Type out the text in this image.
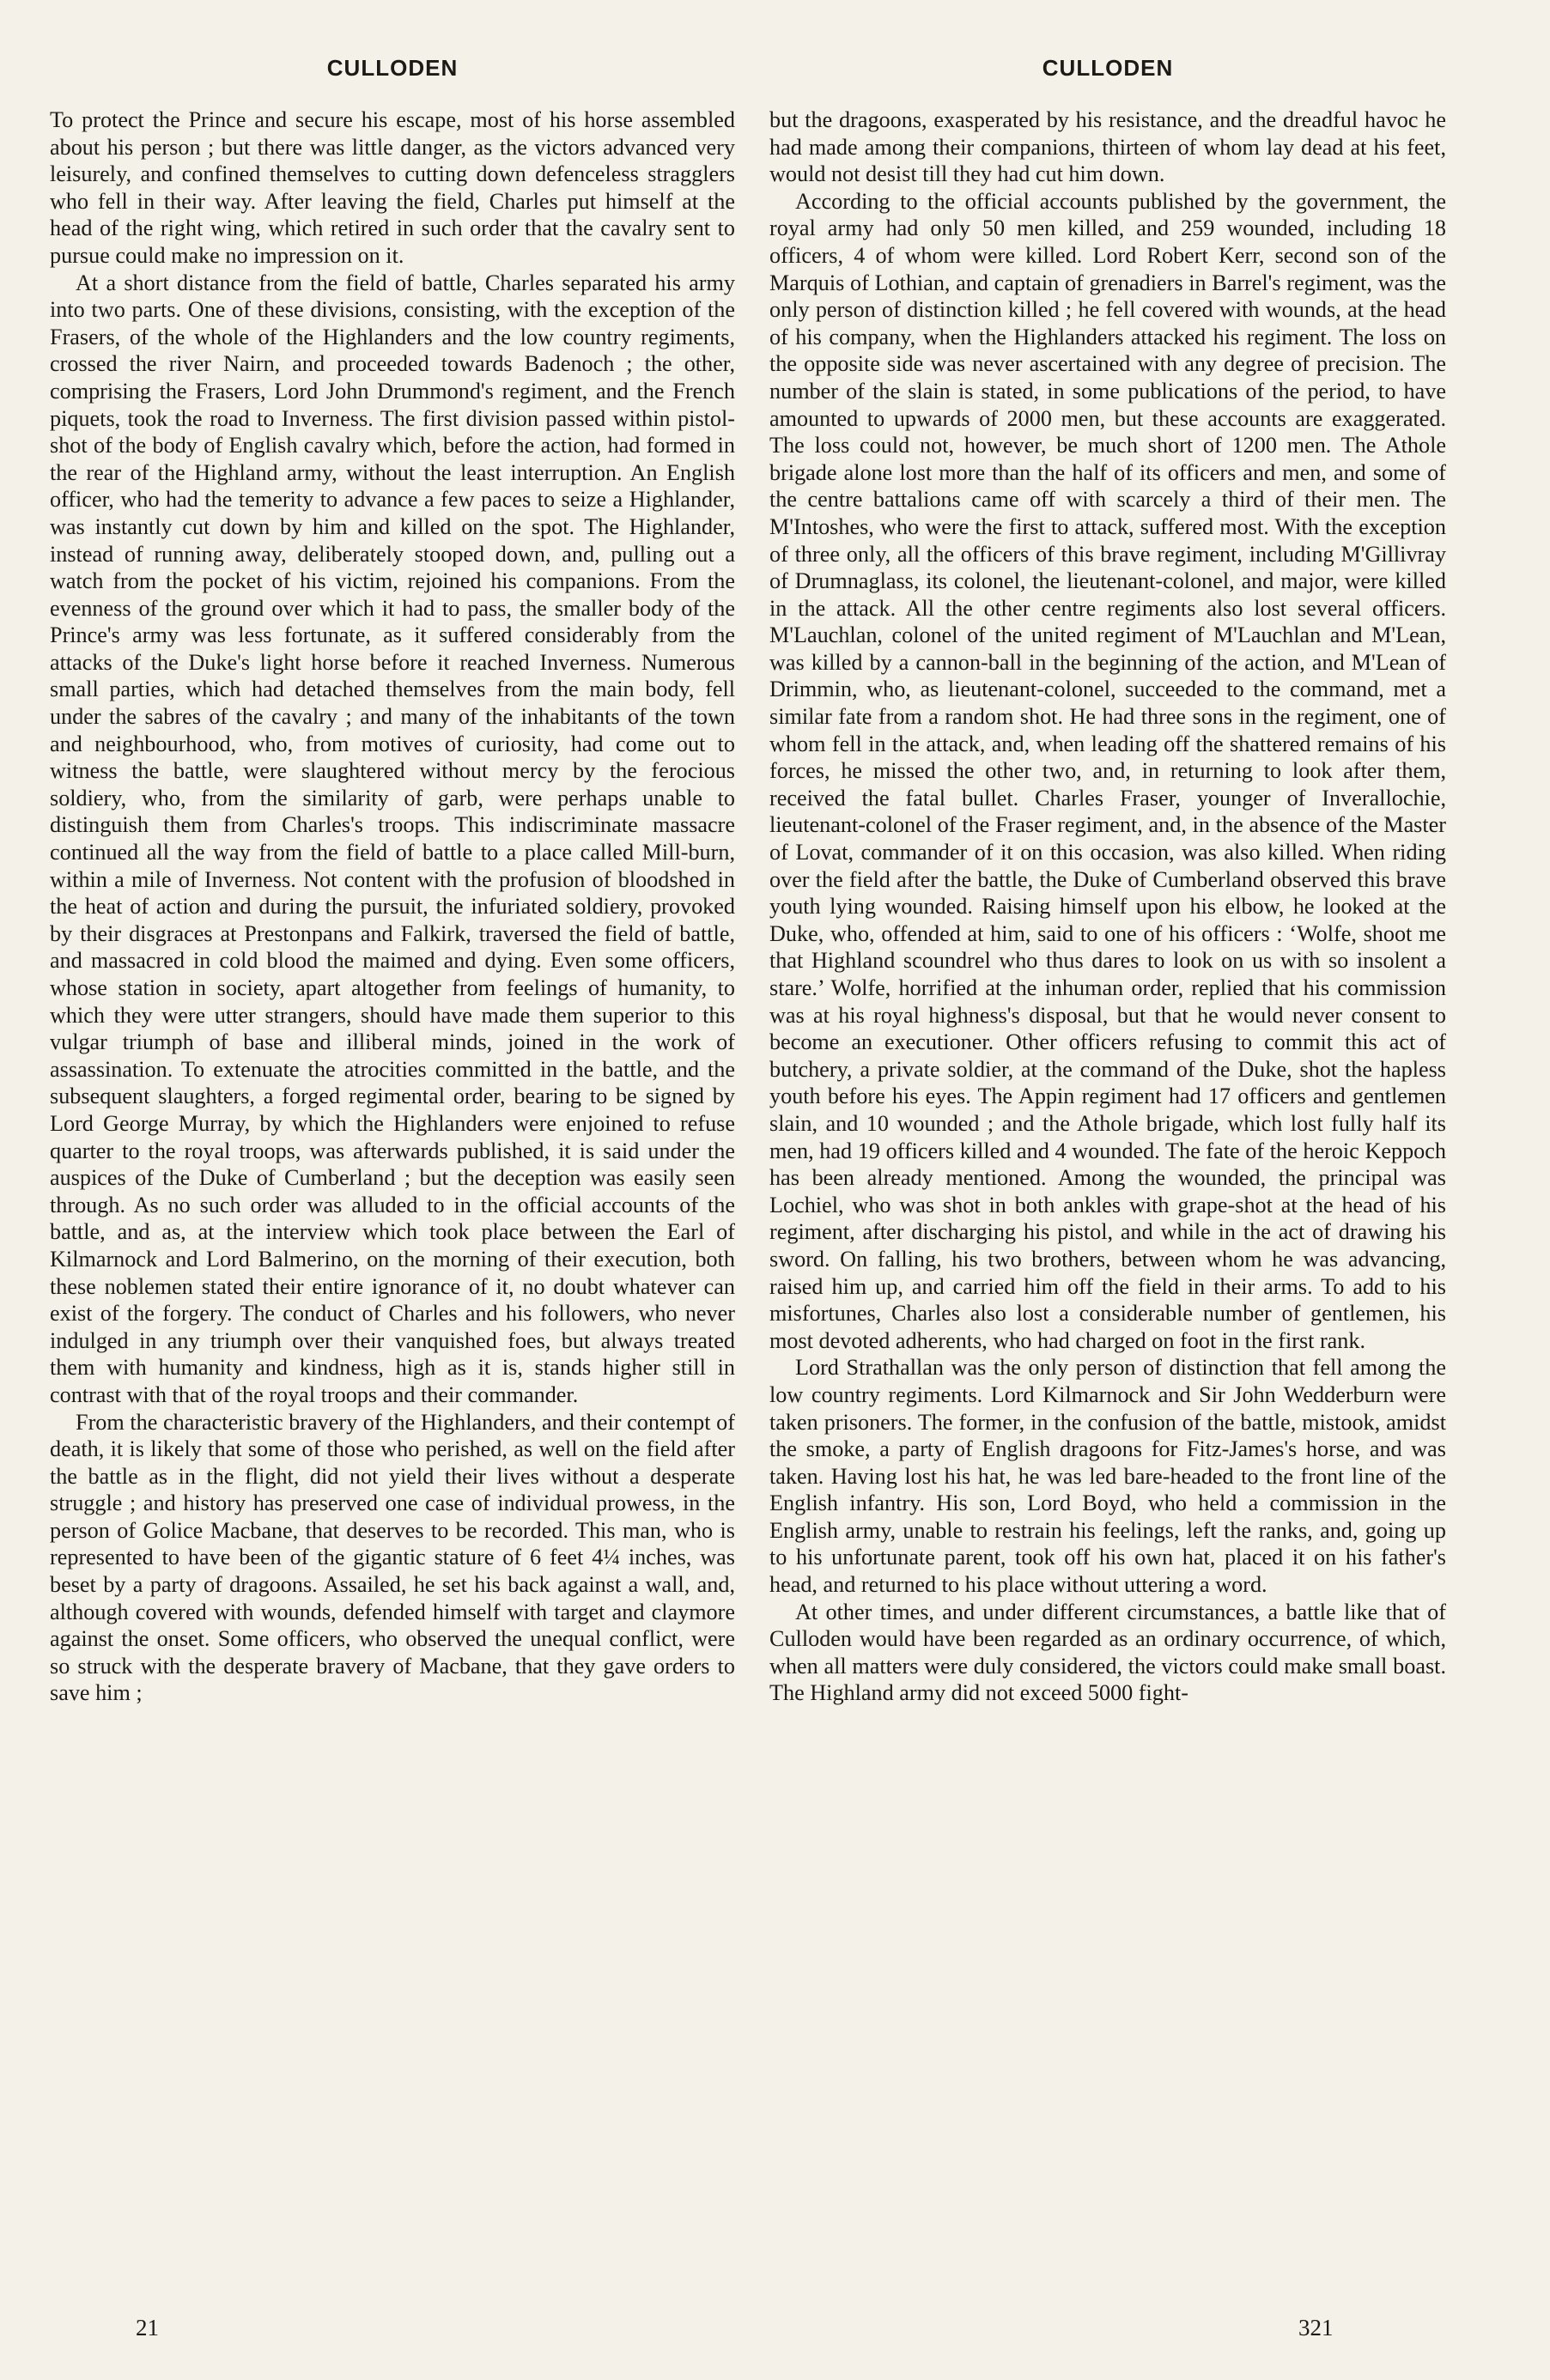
CULLODEN	CULLODEN

To protect the Prince and secure his escape, most of his horse assembled about his person ; but there was little danger, as the victors advanced very leisurely, and confined themselves to cutting down defenceless stragglers who fell in their way. After leaving the field, Charles put himself at the head of the right wing, which retired in such order that the cavalry sent to pursue could make no impression on it.

At a short distance from the field of battle, Charles separated his army into two parts. One of these divisions, consisting, with the exception of the Frasers, of the whole of the Highlanders and the low country regiments, crossed the river Nairn, and proceeded towards Badenoch ; the other, comprising the Frasers, Lord John Drummond's regiment, and the French piquets, took the road to Inverness. The first division passed within pistol-shot of the body of English cavalry which, before the action, had formed in the rear of the Highland army, without the least interruption. An English officer, who had the temerity to advance a few paces to seize a Highlander, was instantly cut down by him and killed on the spot. The Highlander, instead of running away, deliberately stooped down, and, pulling out a watch from the pocket of his victim, rejoined his companions. From the evenness of the ground over which it had to pass, the smaller body of the Prince's army was less fortunate, as it suffered considerably from the attacks of the Duke's light horse before it reached Inverness. Numerous small parties, which had detached themselves from the main body, fell under the sabres of the cavalry ; and many of the inhabitants of the town and neighbourhood, who, from motives of curiosity, had come out to witness the battle, were slaughtered without mercy by the ferocious soldiery, who, from the similarity of garb, were perhaps unable to distinguish them from Charles's troops. This indiscriminate massacre continued all the way from the field of battle to a place called Mill-burn, within a mile of Inverness. Not content with the profusion of bloodshed in the heat of action and during the pursuit, the infuriated soldiery, provoked by their disgraces at Prestonpans and Falkirk, traversed the field of battle, and massacred in cold blood the maimed and dying. Even some officers, whose station in society, apart altogether from feelings of humanity, to which they were utter strangers, should have made them superior to this vulgar triumph of base and illiberal minds, joined in the work of assassination. To extenuate the atrocities committed in the battle, and the subsequent slaughters, a forged regimental order, bearing to be signed by Lord George Murray, by which the Highlanders were enjoined to refuse quarter to the royal troops, was afterwards published, it is said under the auspices of the Duke of Cumberland ; but the deception was easily seen through. As no such order was alluded to in the official accounts of the battle, and as, at the interview which took place between the Earl of Kilmarnock and Lord Balmerino, on the morning of their execution, both these noblemen stated their entire ignorance of it, no doubt whatever can exist of the forgery. The conduct of Charles and his followers, who never indulged in any triumph over their vanquished foes, but always treated them with humanity and kindness, high as it is, stands higher still in contrast with that of the royal troops and their commander.

From the characteristic bravery of the Highlanders, and their contempt of death, it is likely that some of those who perished, as well on the field after the battle as in the flight, did not yield their lives without a desperate struggle ; and history has preserved one case of individual prowess, in the person of Golice Macbane, that deserves to be recorded. This man, who is represented to have been of the gigantic stature of 6 feet 4¼ inches, was beset by a party of dragoons. Assailed, he set his back against a wall, and, although covered with wounds, defended himself with target and claymore against the onset. Some officers, who observed the unequal conflict, were so struck with the desperate bravery of Macbane, that they gave orders to save him ;

but the dragoons, exasperated by his resistance, and the dreadful havoc he had made among their companions, thirteen of whom lay dead at his feet, would not desist till they had cut him down.

According to the official accounts published by the government, the royal army had only 50 men killed, and 259 wounded, including 18 officers, 4 of whom were killed. Lord Robert Kerr, second son of the Marquis of Lothian, and captain of grenadiers in Barrel's regiment, was the only person of distinction killed ; he fell covered with wounds, at the head of his company, when the Highlanders attacked his regiment. The loss on the opposite side was never ascertained with any degree of precision. The number of the slain is stated, in some publications of the period, to have amounted to upwards of 2000 men, but these accounts are exaggerated. The loss could not, however, be much short of 1200 men. The Athole brigade alone lost more than the half of its officers and men, and some of the centre battalions came off with scarcely a third of their men. The M'Intoshes, who were the first to attack, suffered most. With the exception of three only, all the officers of this brave regiment, including M'Gillivray of Drumnaglass, its colonel, the lieutenant-colonel, and major, were killed in the attack. All the other centre regiments also lost several officers. M'Lauchlan, colonel of the united regiment of M'Lauchlan and M'Lean, was killed by a cannon-ball in the beginning of the action, and M'Lean of Drimmin, who, as lieutenant-colonel, succeeded to the command, met a similar fate from a random shot. He had three sons in the regiment, one of whom fell in the attack, and, when leading off the shattered remains of his forces, he missed the other two, and, in returning to look after them, received the fatal bullet. Charles Fraser, younger of Inverallochie, lieutenant-colonel of the Fraser regiment, and, in the absence of the Master of Lovat, commander of it on this occasion, was also killed. When riding over the field after the battle, the Duke of Cumberland observed this brave youth lying wounded. Raising himself upon his elbow, he looked at the Duke, who, offended at him, said to one of his officers : ‘Wolfe, shoot me that Highland scoundrel who thus dares to look on us with so insolent a stare.’ Wolfe, horrified at the inhuman order, replied that his commission was at his royal highness's disposal, but that he would never consent to become an executioner. Other officers refusing to commit this act of butchery, a private soldier, at the command of the Duke, shot the hapless youth before his eyes. The Appin regiment had 17 officers and gentlemen slain, and 10 wounded ; and the Athole brigade, which lost fully half its men, had 19 officers killed and 4 wounded. The fate of the heroic Keppoch has been already mentioned. Among the wounded, the principal was Lochiel, who was shot in both ankles with grape-shot at the head of his regiment, after discharging his pistol, and while in the act of drawing his sword. On falling, his two brothers, between whom he was advancing, raised him up, and carried him off the field in their arms. To add to his misfortunes, Charles also lost a considerable number of gentlemen, his most devoted adherents, who had charged on foot in the first rank.

Lord Strathallan was the only person of distinction that fell among the low country regiments. Lord Kilmarnock and Sir John Wedderburn were taken prisoners. The former, in the confusion of the battle, mistook, amidst the smoke, a party of English dragoons for Fitz-James's horse, and was taken. Having lost his hat, he was led bare-headed to the front line of the English infantry. His son, Lord Boyd, who held a commission in the English army, unable to restrain his feelings, left the ranks, and, going up to his unfortunate parent, took off his own hat, placed it on his father's head, and returned to his place without uttering a word.

At other times, and under different circumstances, a battle like that of Culloden would have been regarded as an ordinary occurrence, of which, when all matters were duly considered, the victors could make small boast. The Highland army did not exceed 5000 fight-

21	321
